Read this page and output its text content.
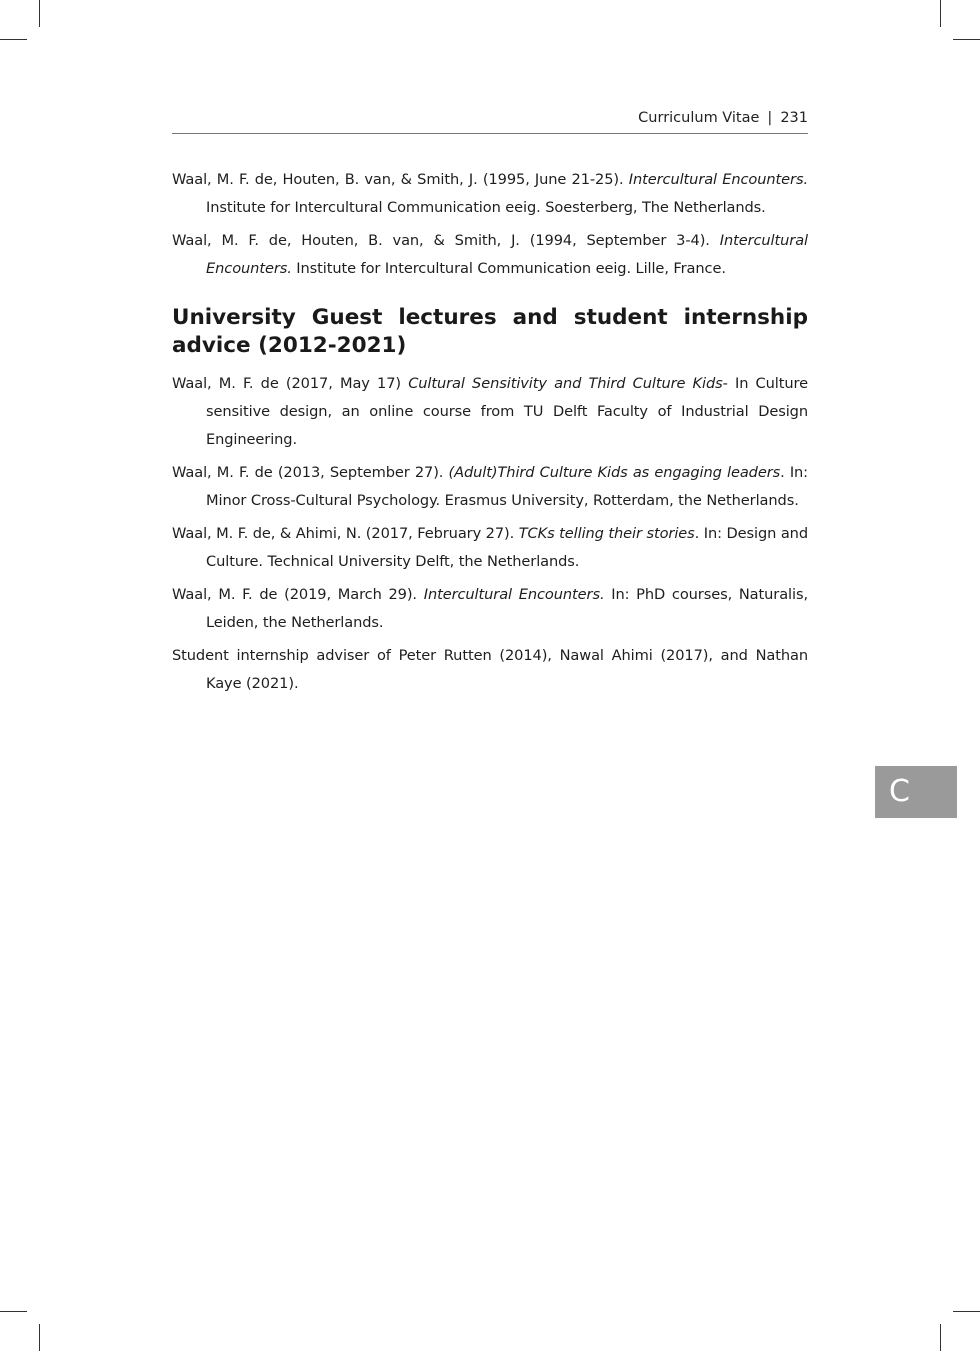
Curriculum Vitae | 231

Waal, M. F. de, Houten, B. van, & Smith, J. (1995, June 21-25). Intercultural Encounters. Institute for Intercultural Communication eeig. Soesterberg, The Netherlands.

Waal, M. F. de, Houten, B. van, & Smith, J. (1994, September 3-4). Intercultural Encounters. Institute for Intercultural Communication eeig. Lille, France.

University Guest lectures and student internship advice (2012-2021)

Waal, M. F. de (2017, May 17) Cultural Sensitivity and Third Culture Kids- In Culture sensitive design, an online course from TU Delft Faculty of Industrial Design Engineering.

Waal, M. F. de (2013, September 27). (Adult)Third Culture Kids as engaging leaders. In: Minor Cross-Cultural Psychology. Erasmus University, Rotterdam, the Netherlands.

Waal, M. F. de, & Ahimi, N. (2017, February 27). TCKs telling their stories. In: Design and Culture. Technical University Delft, the Netherlands.

Waal, M. F. de (2019, March 29). Intercultural Encounters. In: PhD courses, Naturalis, Leiden, the Netherlands.

Student internship adviser of Peter Rutten (2014), Nawal Ahimi (2017), and Nathan Kaye (2021).

C
